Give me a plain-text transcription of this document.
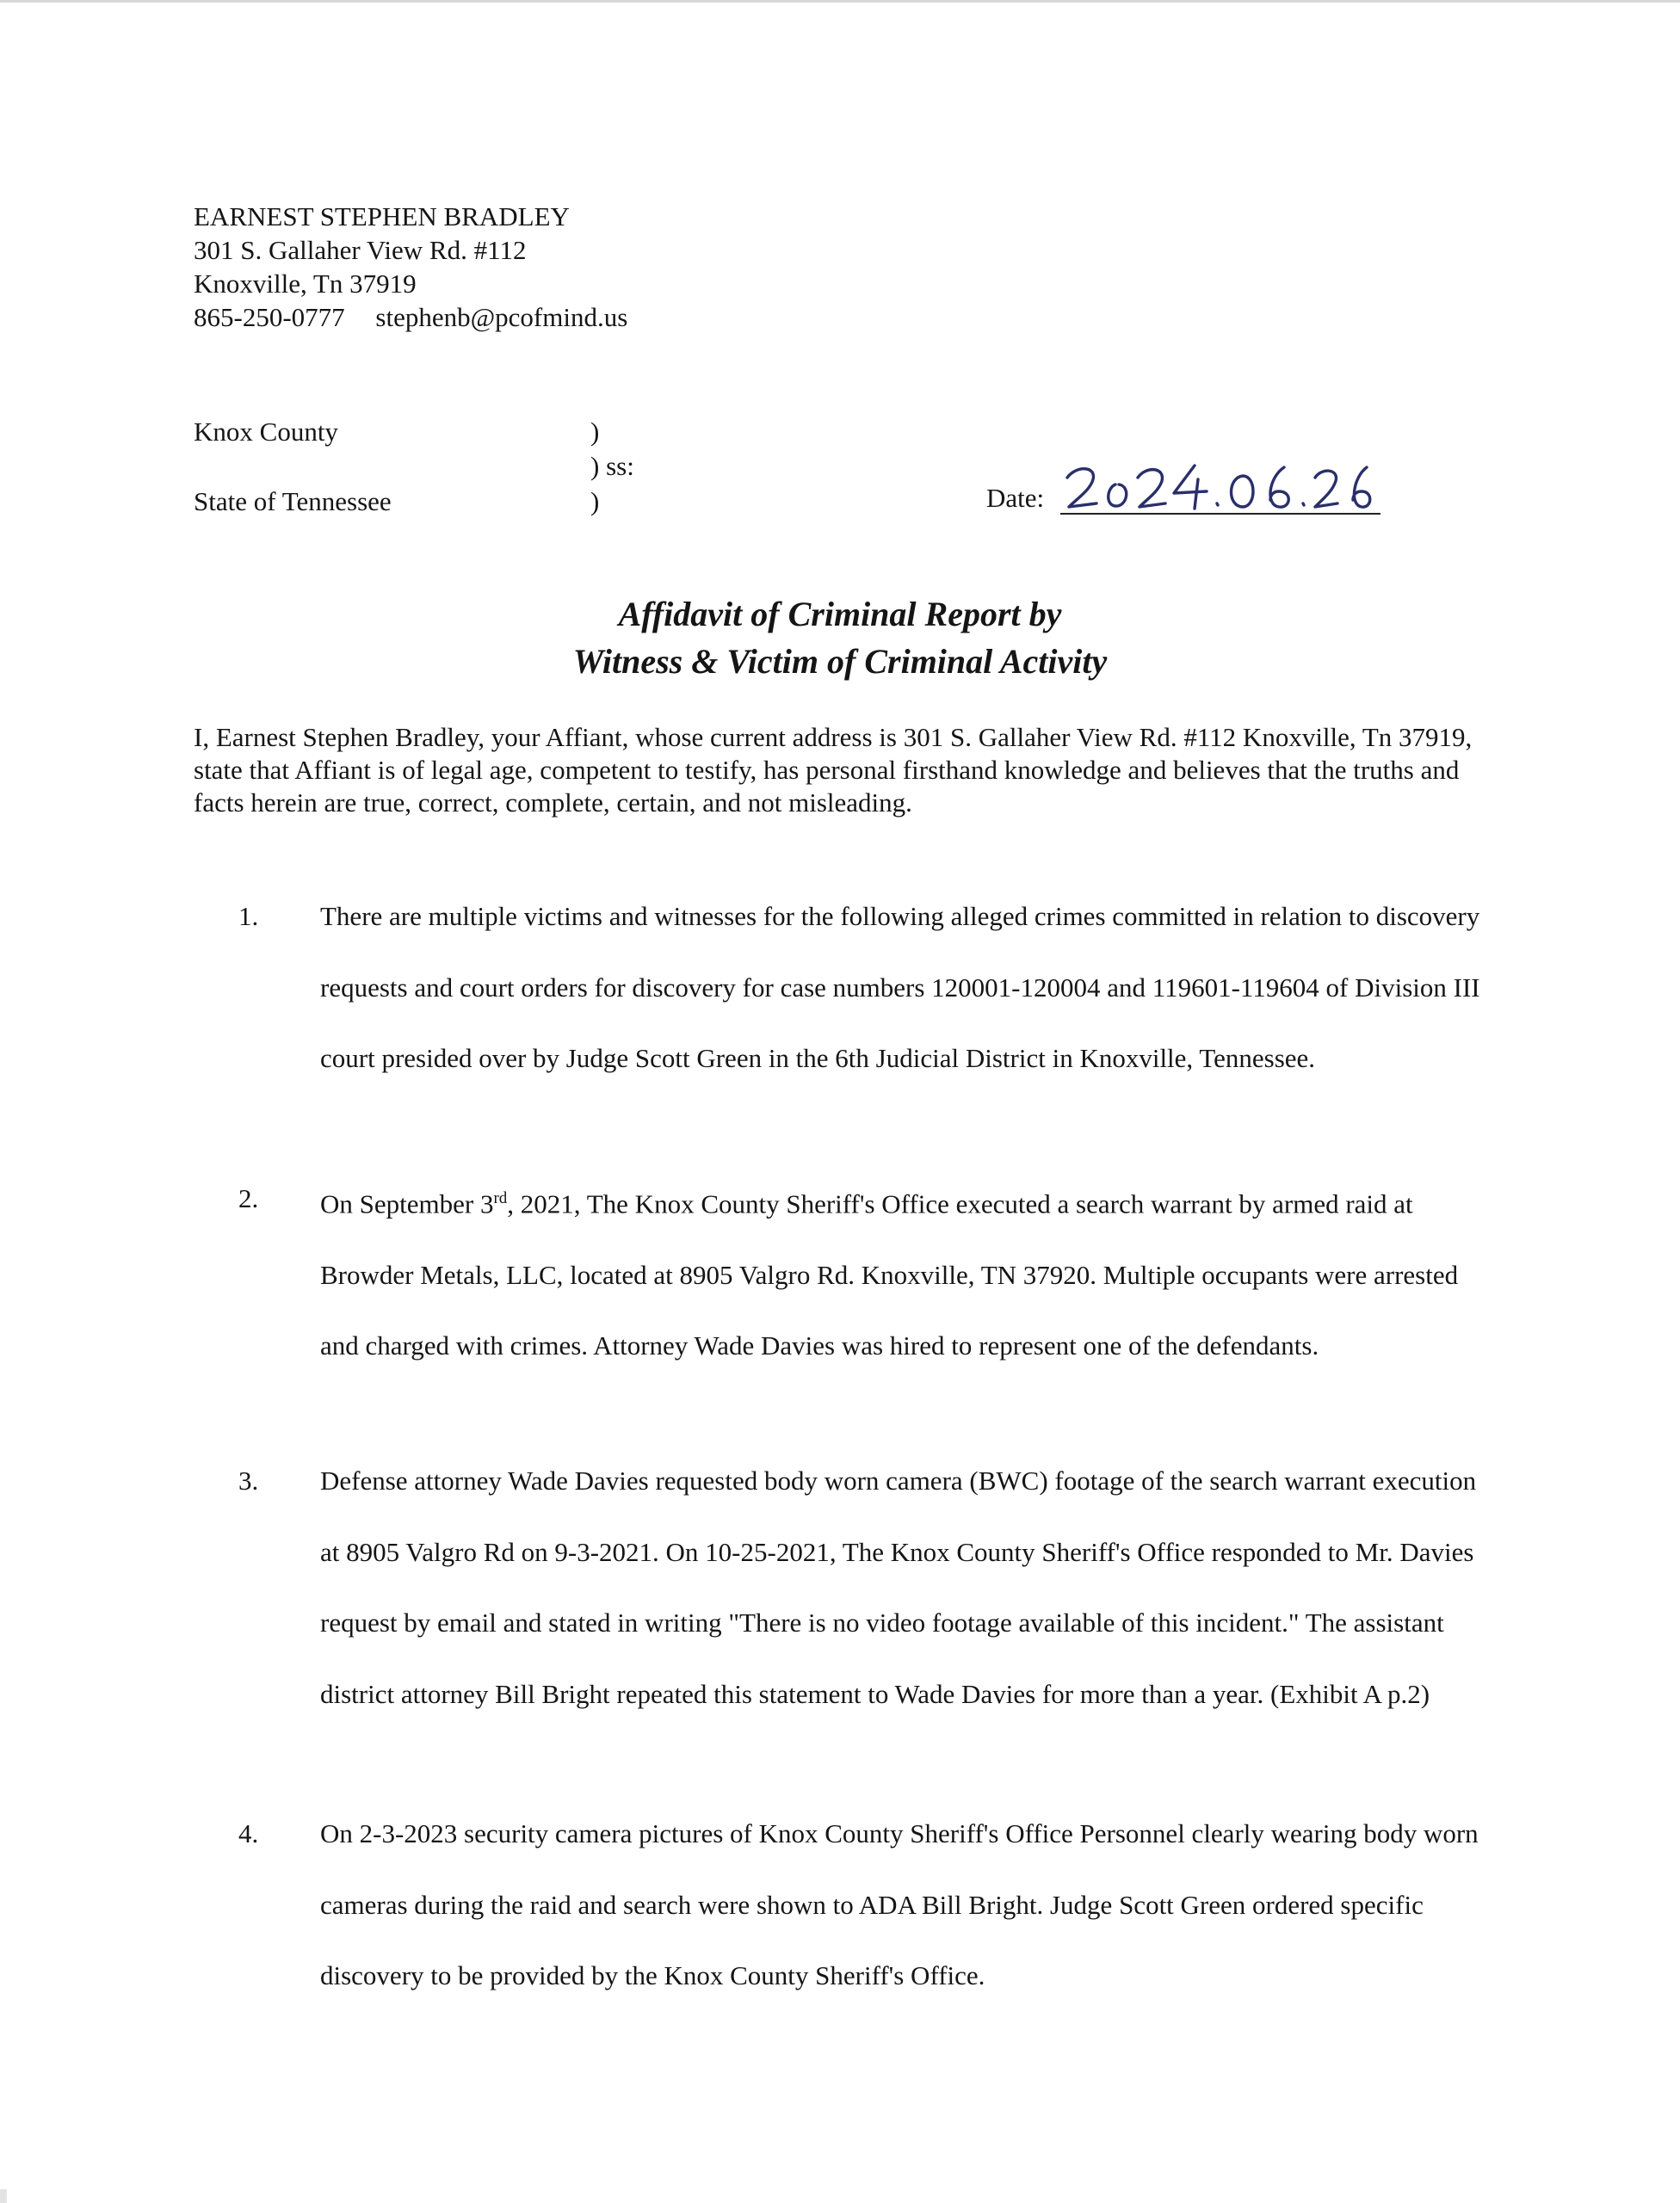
EARNEST STEPHEN BRADLEY
301 S. Gallaher View Rd. #112
Knoxville, Tn 37919
865-250-0777 stephenb@pcofmind.us
Knox County
State of Tennessee
)
) ss:
)	Date:
Affidavit of Criminal Report by
Witness & Victim of Criminal Activity
I, Earnest Stephen Bradley, your Affiant, whose current address is 301 S. Gallaher View Rd. #112 Knoxville, Tn 37919, state that Affiant is of legal age, competent to testify, has personal firsthand knowledge and believes that the truths and facts herein are true, correct, complete, certain, and not misleading.
1. There are multiple victims and witnesses for the following alleged crimes committed in relation to discovery requests and court orders for discovery for case numbers 120001-120004 and 119601-119604 of Division III court presided over by Judge Scott Green in the 6th Judicial District in Knoxville, Tennessee.
2. On September 3rd, 2021, The Knox County Sheriff's Office executed a search warrant by armed raid at Browder Metals, LLC, located at 8905 Valgro Rd. Knoxville, TN 37920. Multiple occupants were arrested and charged with crimes. Attorney Wade Davies was hired to represent one of the defendants.
3. Defense attorney Wade Davies requested body worn camera (BWC) footage of the search warrant execution at 8905 Valgro Rd on 9-3-2021. On 10-25-2021, The Knox County Sheriff's Office responded to Mr. Davies request by email and stated in writing "There is no video footage available of this incident." The assistant district attorney Bill Bright repeated this statement to Wade Davies for more than a year. (Exhibit A p.2)
4. On 2-3-2023 security camera pictures of Knox County Sheriff's Office Personnel clearly wearing body worn cameras during the raid and search were shown to ADA Bill Bright. Judge Scott Green ordered specific discovery to be provided by the Knox County Sheriff's Office.
